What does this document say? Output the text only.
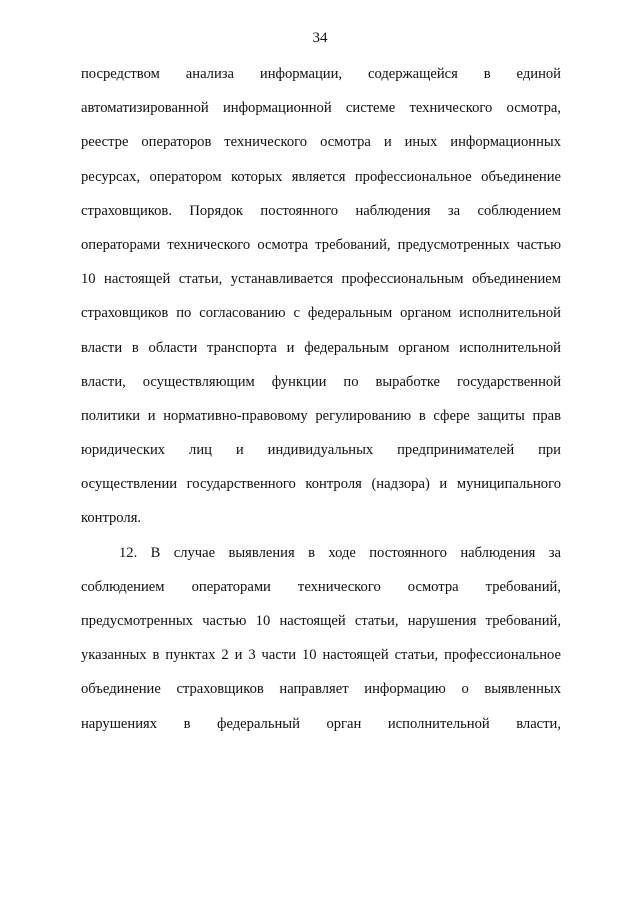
34
посредством анализа информации, содержащейся в единой
автоматизированной информационной системе технического осмотра,
реестре операторов технического осмотра и иных информационных
ресурсах, оператором которых является профессиональное объединение
страховщиков. Порядок постоянного наблюдения за соблюдением
операторами технического осмотра требований, предусмотренных частью
10 настоящей статьи, устанавливается профессиональным объединением
страховщиков по согласованию с федеральным органом исполнительной
власти в области транспорта и федеральным органом исполнительной
власти, осуществляющим функции по выработке государственной
политики и нормативно-правовому регулированию в сфере защиты прав
юридических лиц и индивидуальных предпринимателей при
осуществлении государственного контроля (надзора) и муниципального
контроля.
12. В случае выявления в ходе постоянного наблюдения за
соблюдением операторами технического осмотра требований,
предусмотренных частью 10 настоящей статьи, нарушения требований,
указанных в пунктах 2 и 3 части 10 настоящей статьи, профессиональное
объединение страховщиков направляет информацию о выявленных
нарушениях в федеральный орган исполнительной власти,
